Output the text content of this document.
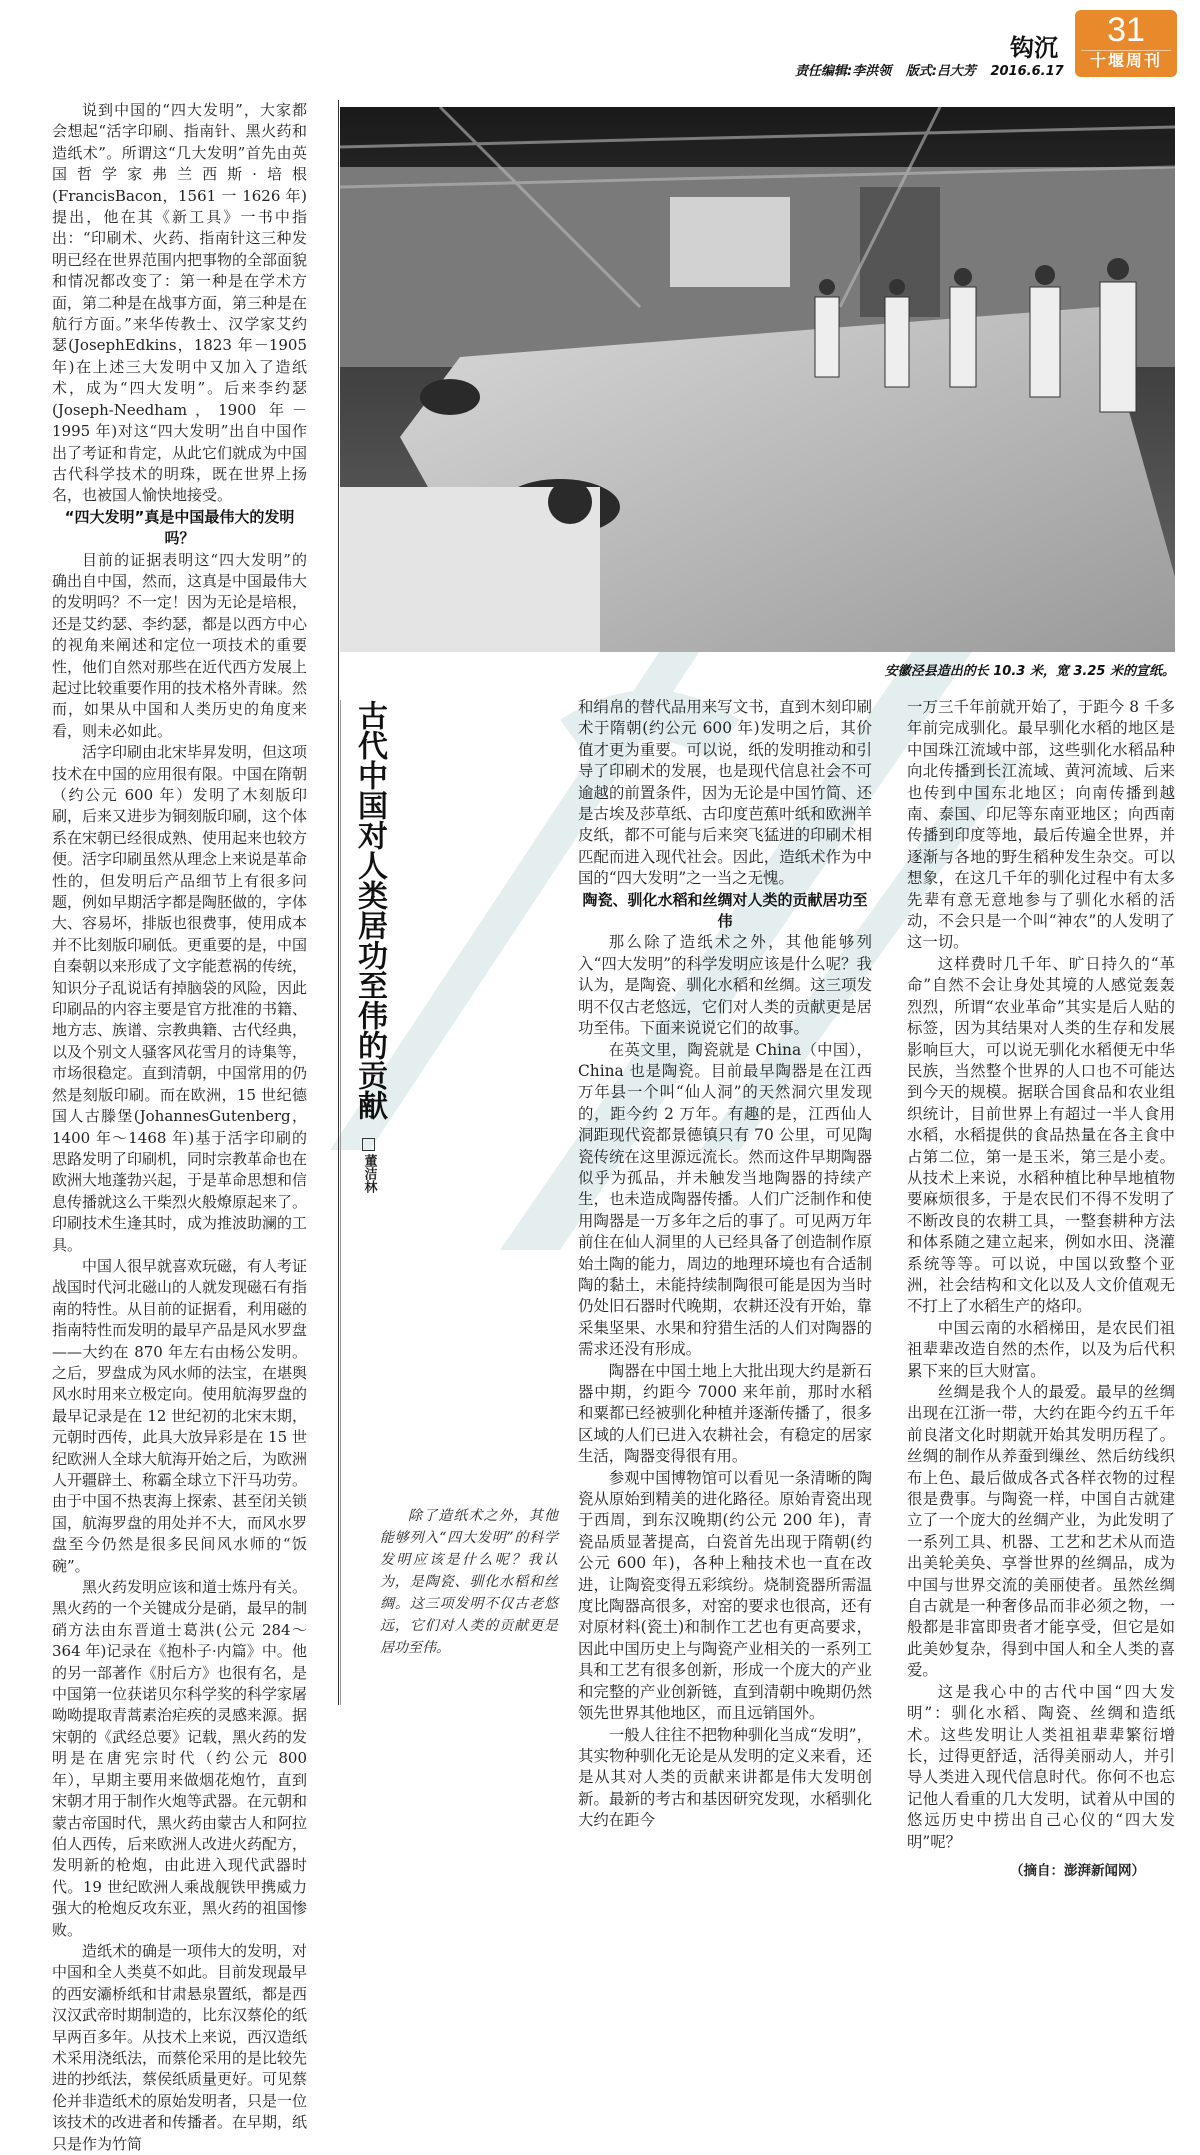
钩沉
责任编辑:李洪领 版式:吕大芳 2016.6.17
31
十堰周刊
安徽泾县造出的长 10.3 米，宽 3.25 米的宣纸。
古代中国对人类居功至伟的贡献
董洁林

说到中国的“四大发明”，大家都会想起“活字印刷、指南针、黑火药和造纸术”。所谓这“几大发明”首先由英国哲学家弗兰西斯·培根(FrancisBacon，1561 一 1626 年)提出，他在其《新工具》一书中指出：“印刷术、火药、指南针这三种发明已经在世界范围内把事物的全部面貌和情况都改变了：第一种是在学术方面，第二种是在战事方面，第三种是在航行方面。”来华传教士、汉学家艾约瑟(JosephEdkins，1823 年－1905 年)在上述三大发明中又加入了造纸术，成为“四大发明”。后来李约瑟(Joseph-Needham，1900 年－1995 年)对这“四大发明”出自中国作出了考证和肯定，从此它们就成为中国古代科学技术的明珠，既在世界上扬名，也被国人愉快地接受。

“四大发明”真是中国最伟大的发明吗？

目前的证据表明这“四大发明”的确出自中国，然而，这真是中国最伟大的发明吗？不一定！因为无论是培根，还是艾约瑟、李约瑟，都是以西方中心的视角来阐述和定位一项技术的重要性，他们自然对那些在近代西方发展上起过比较重要作用的技术格外青睐。然而，如果从中国和人类历史的角度来看，则未必如此。

活字印刷由北宋毕昇发明，但这项技术在中国的应用很有限。中国在隋朝（约公元 600 年）发明了木刻版印刷，后来又进步为铜刻版印刷，这个体系在宋朝已经很成熟、使用起来也较方便。活字印刷虽然从理念上来说是革命性的，但发明后产品细节上有很多问题，例如早期活字都是陶胚做的，字体大、容易坏，排版也很费事，使用成本并不比刻版印刷低。更重要的是，中国自秦朝以来形成了文字能惹祸的传统，知识分子乱说话有掉脑袋的风险，因此印刷品的内容主要是官方批准的书籍、地方志、族谱、宗教典籍、古代经典，以及个别文人骚客风花雪月的诗集等，市场很稳定。直到清朝，中国常用的仍然是刻版印刷。而在欧洲，15 世纪德国人古滕堡(JohannesGutenberg，1400 年～1468 年)基于活字印刷的思路发明了印刷机，同时宗教革命也在欧洲大地蓬勃兴起，于是革命思想和信息传播就这么干柴烈火般燎原起来了。印刷技术生逢其时，成为推波助澜的工具。

中国人很早就喜欢玩磁，有人考证战国时代河北磁山的人就发现磁石有指南的特性。从目前的证据看，利用磁的指南特性而发明的最早产品是风水罗盘——大约在 870 年左右由杨公发明。之后，罗盘成为风水师的法宝，在堪舆风水时用来立极定向。使用航海罗盘的最早记录是在 12 世纪初的北宋末期，元朝时西传，此具大放异彩是在 15 世纪欧洲人全球大航海开始之后，为欧洲人开疆辟土、称霸全球立下汗马功劳。由于中国不热衷海上探索、甚至闭关锁国，航海罗盘的用处并不大，而风水罗盘至今仍然是很多民间风水师的“饭碗”。

黑火药发明应该和道士炼丹有关。黑火药的一个关键成分是硝，最早的制硝方法由东晋道士葛洪(公元 284～364 年)记录在《抱朴子·内篇》中。他的另一部著作《肘后方》也很有名，是中国第一位获诺贝尔科学奖的科学家屠呦呦提取青蒿素治疟疾的灵感来源。据宋朝的《武经总要》记载，黑火药的发明是在唐宪宗时代（约公元 800 年），早期主要用来做烟花炮竹，直到宋朝才用于制作火炮等武器。在元朝和蒙古帝国时代，黑火药由蒙古人和阿拉伯人西传，后来欧洲人改进火药配方，发明新的枪炮，由此进入现代武器时代。19 世纪欧洲人乘战舰铁甲携威力强大的枪炮反攻东亚，黑火药的祖国惨败。

造纸术的确是一项伟大的发明，对中国和全人类莫不如此。目前发现最早的西安灞桥纸和甘肃悬泉置纸，都是西汉汉武帝时期制造的，比东汉蔡伦的纸早两百多年。从技术上来说，西汉造纸术采用浇纸法，而蔡伦采用的是比较先进的抄纸法，蔡侯纸质量更好。可见蔡伦并非造纸术的原始发明者，只是一位该技术的改进者和传播者。在早期，纸只是作为竹简

除了造纸术之外，其他能够列入“四大发明”的科学发明应该是什么呢？我认为，是陶瓷、驯化水稻和丝绸。这三项发明不仅古老悠远，它们对人类的贡献更是居功至伟。

和绢帛的替代品用来写文书，直到木刻印刷术于隋朝(约公元 600 年)发明之后，其价值才更为重要。可以说，纸的发明推动和引导了印刷术的发展，也是现代信息社会不可逾越的前置条件，因为无论是中国竹简、还是古埃及莎草纸、古印度芭蕉叶纸和欧洲羊皮纸，都不可能与后来突飞猛进的印刷术相匹配而进入现代社会。因此，造纸术作为中国的“四大发明”之一当之无愧。

陶瓷、驯化水稻和丝绸对人类的贡献居功至伟

那么除了造纸术之外，其他能够列入“四大发明”的科学发明应该是什么呢？我认为，是陶瓷、驯化水稻和丝绸。这三项发明不仅古老悠远，它们对人类的贡献更是居功至伟。下面来说说它们的故事。

在英文里，陶瓷就是 China（中国），China 也是陶瓷。目前最早陶器是在江西万年县一个叫“仙人洞”的天然洞穴里发现的，距今约 2 万年。有趣的是，江西仙人洞距现代瓷都景德镇只有 70 公里，可见陶瓷传统在这里源远流长。然而这件早期陶器似乎为孤品，并未触发当地陶器的持续产生，也未造成陶器传播。人们广泛制作和使用陶器是一万多年之后的事了。可见两万年前住在仙人洞里的人已经具备了创造制作原始土陶的能力，周边的地理环境也有合适制陶的黏土，未能持续制陶很可能是因为当时仍处旧石器时代晚期，农耕还没有开始，靠采集坚果、水果和狩猎生活的人们对陶器的需求还没有形成。

陶器在中国土地上大批出现大约是新石器中期，约距今 7000 来年前，那时水稻和粟都已经被驯化种植并逐渐传播了，很多区域的人们已进入农耕社会，有稳定的居家生活，陶器变得很有用。

参观中国博物馆可以看见一条清晰的陶瓷从原始到精美的进化路径。原始青瓷出现于西周，到东汉晚期(约公元 200 年)，青瓷品质显著提高，白瓷首先出现于隋朝(约公元 600 年)，各种上釉技术也一直在改进，让陶瓷变得五彩缤纷。烧制瓷器所需温度比陶器高很多，对窑的要求也很高，还有对原材料(瓷土)和制作工艺也有更高要求，因此中国历史上与陶瓷产业相关的一系列工具和工艺有很多创新，形成一个庞大的产业和完整的产业创新链，直到清朝中晚期仍然领先世界其他地区，而且远销国外。

一般人往往不把物种驯化当成“发明”，其实物种驯化无论是从发明的定义来看，还是从其对人类的贡献来讲都是伟大发明创新。最新的考古和基因研究发现，水稻驯化大约在距今

一万三千年前就开始了，于距今 8 千多年前完成驯化。最早驯化水稻的地区是中国珠江流域中部，这些驯化水稻品种向北传播到长江流域、黄河流域、后来也传到中国东北地区；向南传播到越南、泰国、印尼等东南亚地区；向西南传播到印度等地，最后传遍全世界，并逐渐与各地的野生稻种发生杂交。可以想象，在这几千年的驯化过程中有太多先辈有意无意地参与了驯化水稻的活动，不会只是一个叫“神农”的人发明了这一切。

这样费时几千年、旷日持久的“革命”自然不会让身处其境的人感觉轰轰烈烈，所谓“农业革命”其实是后人贴的标签，因为其结果对人类的生存和发展影响巨大，可以说无驯化水稻便无中华民族，当然整个世界的人口也不可能达到今天的规模。据联合国食品和农业组织统计，目前世界上有超过一半人食用水稻，水稻提供的食品热量在各主食中占第二位，第一是玉米，第三是小麦。从技术上来说，水稻种植比种旱地植物要麻烦很多，于是农民们不得不发明了不断改良的农耕工具，一整套耕种方法和体系随之建立起来，例如水田、浇灌系统等等。可以说，中国以致整个亚洲，社会结构和文化以及人文价值观无不打上了水稻生产的烙印。

中国云南的水稻梯田，是农民们祖祖辈辈改造自然的杰作，以及为后代积累下来的巨大财富。

丝绸是我个人的最爱。最早的丝绸出现在江浙一带，大约在距今约五千年前良渚文化时期就开始其发明历程了。丝绸的制作从养蚕到缫丝、然后纺线织布上色、最后做成各式各样衣物的过程很是费事。与陶瓷一样，中国自古就建立了一个庞大的丝绸产业，为此发明了一系列工具、机器、工艺和艺术从而造出美轮美奂、享誉世界的丝绸品，成为中国与世界交流的美丽使者。虽然丝绸自古就是一种奢侈品而非必须之物，一般都是非富即贵者才能享受，但它是如此美妙复杂，得到中国人和全人类的喜爱。

这是我心中的古代中国“四大发明”：驯化水稻、陶瓷、丝绸和造纸术。这些发明让人类祖祖辈辈繁衍增长，过得更舒适，活得美丽动人，并引导人类进入现代信息时代。你何不也忘记他人看重的几大发明，试着从中国的悠远历史中捞出自己心仪的“四大发明”呢？

（摘自：澎湃新闻网）
